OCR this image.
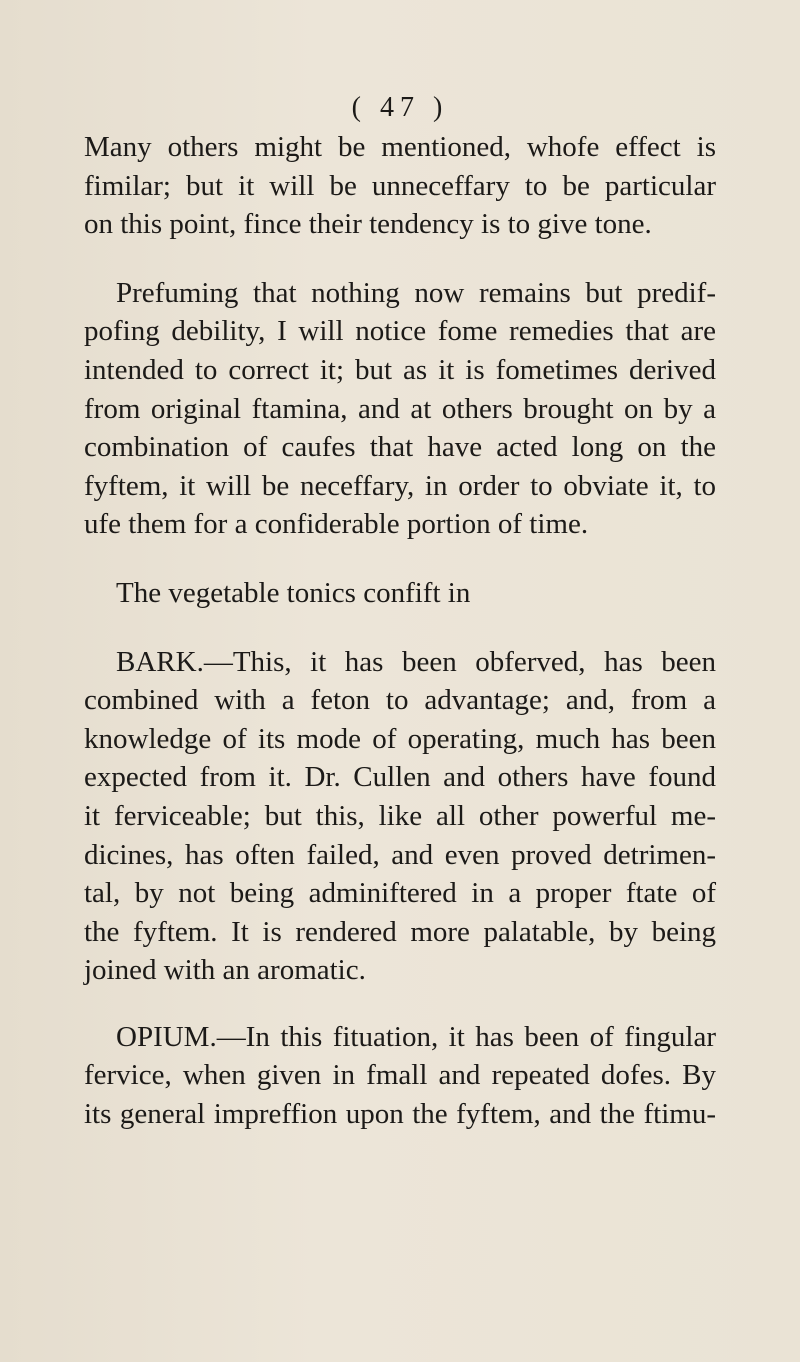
( 47 )
Many others might be mentioned, whofe effect is
fimilar; but it will be unneceffary to be particular
on this point, fince their tendency is to give tone.
Prefuming that nothing now remains but predif-
pofing debility, I will notice fome remedies that are
intended to correct it; but as it is fometimes derived
from original ftamina, and at others brought on by a
combination of caufes that have acted long on the
fyftem, it will be neceffary, in order to obviate it, to
ufe them for a confiderable portion of time.
The vegetable tonics confift in
BARK.—This, it has been obferved, has been
combined with a feton to advantage; and, from a
knowledge of its mode of operating, much has been
expected from it. Dr. Cullen and others have found
it ferviceable; but this, like all other powerful me-
dicines, has often failed, and even proved detrimen-
tal, by not being adminiftered in a proper ftate of
the fyftem. It is rendered more palatable, by being
joined with an aromatic.
OPIUM.—In this fituation, it has been of fingular
fervice, when given in fmall and repeated dofes. By
its general impreffion upon the fyftem, and the ftimu-
